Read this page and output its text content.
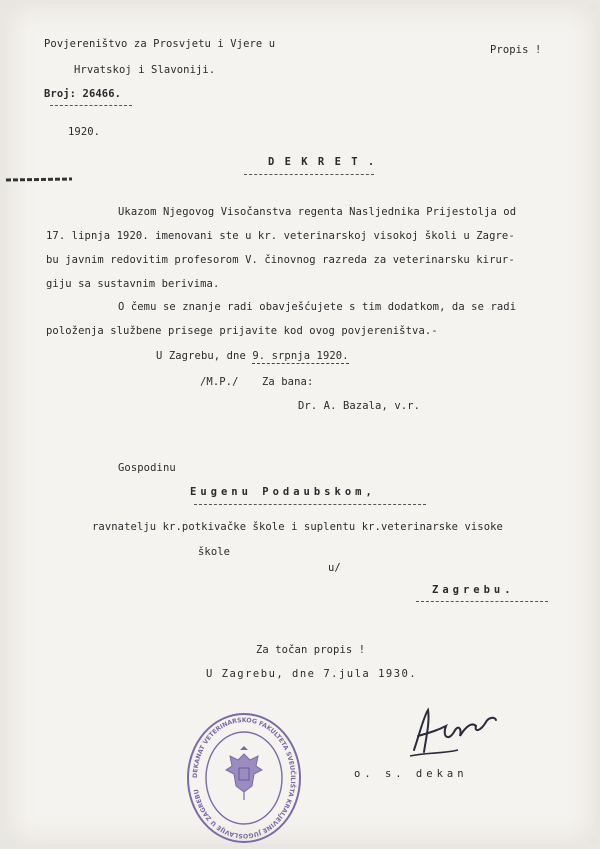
Povjereništvo za Prosvjetu i Vjere u	Propis !
Hrvatskoj i Slavoniji.
Broj: 26466.
1920.
D E K R E T .
Ukazom Njegovog Visočanstva regenta Nasljednika Prijestolja od
17. lipnja 1920. imenovani ste u kr. veterinarskoj visokoj školi u Zagre-
bu javnim redovitim profesorom V. činovnog razreda za veterinarsku kirur-
giju sa sustavnim berivima.
O čemu se znanje radi obavješćujete s tim dodatkom, da se radi
položenja službene prisege prijavite kod ovog povjereništva.-
U Zagrebu, dne 9. srpnja 1920.
/M.P./ Za bana:
Dr. A. Bazala, v.r.
Gospodinu
Eugenu Podaubskom,
ravnatelju kr.potkivačke škole i suplentu kr.veterinarske visoke
škole
u/
Zagrebu.
Za točan propis !
U Zagrebu, dne 7.jula 1930.
o. s. dekan
DEKANAT VETERINARSKOG FAKULTETA SVEUČILIŠTA KRALJEVINE JUGOSLAVIJE U ZAGREBU
